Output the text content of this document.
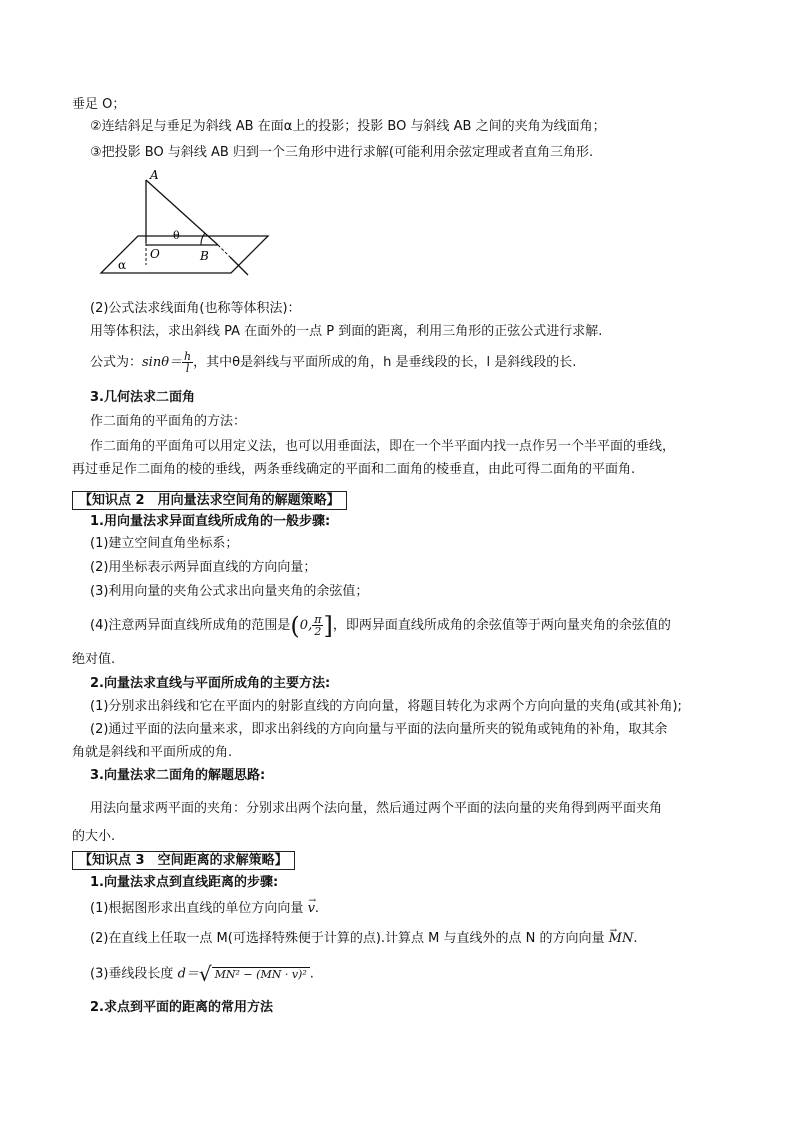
垂足 O；
②连结斜足与垂足为斜线 AB 在面α上的投影；投影 BO 与斜线 AB 之间的夹角为线面角；
③把投影 BO 与斜线 AB 归到一个三角形中进行求解(可能利用余弦定理或者直角三角形.
A
O	B
θ
α
(2)公式法求线面角(也称等体积法)：
用等体积法，求出斜线 PA 在面外的一点 P 到面的距离，利用三角形的正弦公式进行求解.
公式为：$\sin\theta= \frac{h}{l}$ ，其中θ是斜线与平面所成的角，h 是垂线段的长，l 是斜线段的长.
3.几何法求二面角
作二面角的平面角的方法：
作二面角的平面角可以用定义法，也可以用垂面法，即在一个半平面内找一点作另一个半平面的垂线，
再过垂足作二面角的棱的垂线，两条垂线确定的平面和二面角的棱垂直，由此可得二面角的平面角.
【知识点 2　用向量法求空间角的解题策略】
1.用向量法求异面直线所成角的一般步骤:
(1)建立空间直角坐标系；
(2)用坐标表示两异面直线的方向向量；
(3)利用向量的夹角公式求出向量夹角的余弦值；
(4)注意两异面直线所成角的范围是(0, $\frac{\pi}{2}$ ]，即两异面直线所成角的余弦值等于两向量夹角的余弦值的
绝对值.
2.向量法求直线与平面所成角的主要方法:
(1)分别求出斜线和它在平面内的射影直线的方向向量，将题目转化为求两个方向向量的夹角(或其补角);
(2)通过平面的法向量来求，即求出斜线的方向向量与平面的法向量所夹的锐角或钝角的补角，取其余
角就是斜线和平面所成的角.
3.向量法求二面角的解题思路:
用法向量求两平面的夹角：分别求出两个法向量，然后通过两个平面的法向量的夹角得到两平面夹角
的大小.
【知识点 3　空间距离的求解策略】
1.向量法求点到直线距离的步骤:
(1)根据图形求出直线的单位方向向量 v →.
(2)在直线上任取一点 M(可选择特殊便于计算的点).计算点 M 与直线外的点 N 的方向向量 MN →.
(3)垂线段长度 d＝√ MN² − (MN · v)² .
2.求点到平面的距离的常用方法
